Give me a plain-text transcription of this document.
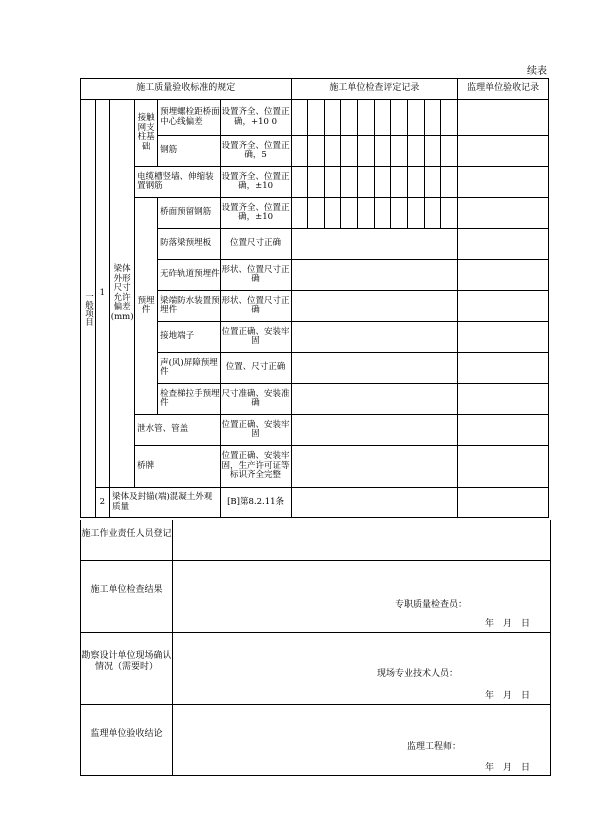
续表
施工质量验收标准的规定						施工单位检查评定记录										监理单位验收记录
一般项目	1	梁体外形尺寸允许偏差(mm)	接触网支柱基础	预埋螺栓距桥面中心线偏差	设置齐全、位置正确，+10 0											
				钢筋	设置齐全、位置正确，5											
			电缆槽竖墙、伸缩装置钢筋		设置齐全、位置正确，±10											
			预埋件	桥面预留钢筋	设置齐全、位置正确，±10											
				防落梁预埋板	位置尺寸正确											
				无砟轨道预埋件	形状、位置尺寸正确											
				梁端防水装置预埋件	形状、位置尺寸正确											
				接地端子	位置正确、安装牢固											
				声(风)屏障预埋件	位置、尺寸正确											
				检查梯拉手预埋件	尺寸准确、安装准确											
			泄水管、管盖		位置正确、安装牢固											
			桥牌		位置正确、安装牢固，生产许可证等标识齐全完整											
	2	梁体及封锚(端)混凝土外观质量			[B]第8.2.11条											
施工作业责任人员登记
施工单位检查结果
专职质量检查员：
年　月　日
勘察设计单位现场确认情况（需要时）
现场专业技术人员：
年　月　日
监理单位验收结论
监理工程师：
年　月　日
